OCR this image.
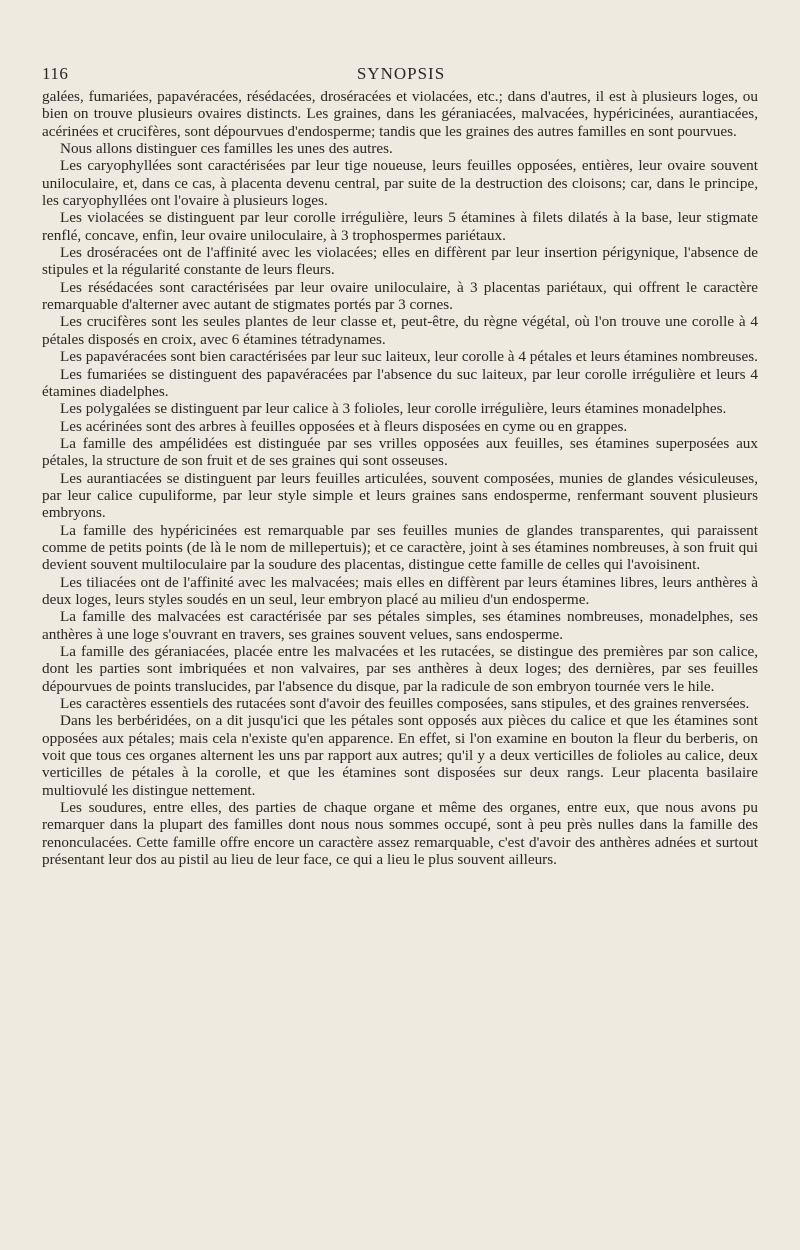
116	SYNOPSIS

galées, fumariées, papavéracées, résédacées, droséracées et violacées, etc.; dans d'autres, il est à plusieurs loges, ou bien on trouve plusieurs ovaires distincts. Les graines, dans les géraniacées, malvacées, hypéricinées, aurantiacées, acérinées et crucifères, sont dépourvues d'endosperme; tandis que les graines des autres familles en sont pourvues.

Nous allons distinguer ces familles les unes des autres.

Les caryophyllées sont caractérisées par leur tige noueuse, leurs feuilles opposées, entières, leur ovaire souvent uniloculaire, et, dans ce cas, à placenta devenu central, par suite de la destruction des cloisons; car, dans le principe, les caryophyllées ont l'ovaire à plusieurs loges.

Les violacées se distinguent par leur corolle irrégulière, leurs 5 étamines à filets dilatés à la base, leur stigmate renflé, concave, enfin, leur ovaire uniloculaire, à 3 trophospermes pariétaux.

Les droséracées ont de l'affinité avec les violacées; elles en diffèrent par leur insertion périgynique, l'absence de stipules et la régularité constante de leurs fleurs.

Les résédacées sont caractérisées par leur ovaire uniloculaire, à 3 placentas pariétaux, qui offrent le caractère remarquable d'alterner avec autant de stigmates portés par 3 cornes.

Les crucifères sont les seules plantes de leur classe et, peut-être, du règne végétal, où l'on trouve une corolle à 4 pétales disposés en croix, avec 6 étamines tétradynames.

Les papavéracées sont bien caractérisées par leur suc laiteux, leur corolle à 4 pétales et leurs étamines nombreuses.

Les fumariées se distinguent des papavéracées par l'absence du suc laiteux, par leur corolle irrégulière et leurs 4 étamines diadelphes.

Les polygalées se distinguent par leur calice à 3 folioles, leur corolle irrégulière, leurs étamines monadelphes.

Les acérinées sont des arbres à feuilles opposées et à fleurs disposées en cyme ou en grappes.

La famille des ampélidées est distinguée par ses vrilles opposées aux feuilles, ses étamines superposées aux pétales, la structure de son fruit et de ses graines qui sont osseuses.

Les aurantiacées se distinguent par leurs feuilles articulées, souvent composées, munies de glandes vésiculeuses, par leur calice cupuliforme, par leur style simple et leurs graines sans endosperme, renfermant souvent plusieurs embryons.

La famille des hypéricinées est remarquable par ses feuilles munies de glandes transparentes, qui paraissent comme de petits points (de là le nom de millepertuis); et ce caractère, joint à ses étamines nombreuses, à son fruit qui devient souvent multiloculaire par la soudure des placentas, distingue cette famille de celles qui l'avoisinent.

Les tiliacées ont de l'affinité avec les malvacées; mais elles en diffèrent par leurs étamines libres, leurs anthères à deux loges, leurs styles soudés en un seul, leur embryon placé au milieu d'un endosperme.

La famille des malvacées est caractérisée par ses pétales simples, ses étamines nombreuses, monadelphes, ses anthères à une loge s'ouvrant en travers, ses graines souvent velues, sans endosperme.

La famille des géraniacées, placée entre les malvacées et les rutacées, se distingue des premières par son calice, dont les parties sont imbriquées et non valvaires, par ses anthères à deux loges; des dernières, par ses feuilles dépourvues de points translucides, par l'absence du disque, par la radicule de son embryon tournée vers le hile.

Les caractères essentiels des rutacées sont d'avoir des feuilles composées, sans stipules, et des graines renversées.

Dans les berbéridées, on a dit jusqu'ici que les pétales sont opposés aux pièces du calice et que les étamines sont opposées aux pétales; mais cela n'existe qu'en apparence. En effet, si l'on examine en bouton la fleur du berberis, on voit que tous ces organes alternent les uns par rapport aux autres; qu'il y a deux verticilles de folioles au calice, deux verticilles de pétales à la corolle, et que les étamines sont disposées sur deux rangs. Leur placenta basilaire multiovulé les distingue nettement.

Les soudures, entre elles, des parties de chaque organe et même des organes, entre eux, que nous avons pu remarquer dans la plupart des familles dont nous nous sommes occupé, sont à peu près nulles dans la famille des renonculacées. Cette famille offre encore un caractère assez remarquable, c'est d'avoir des anthères adnées et surtout présentant leur dos au pistil au lieu de leur face, ce qui a lieu le plus souvent ailleurs.
